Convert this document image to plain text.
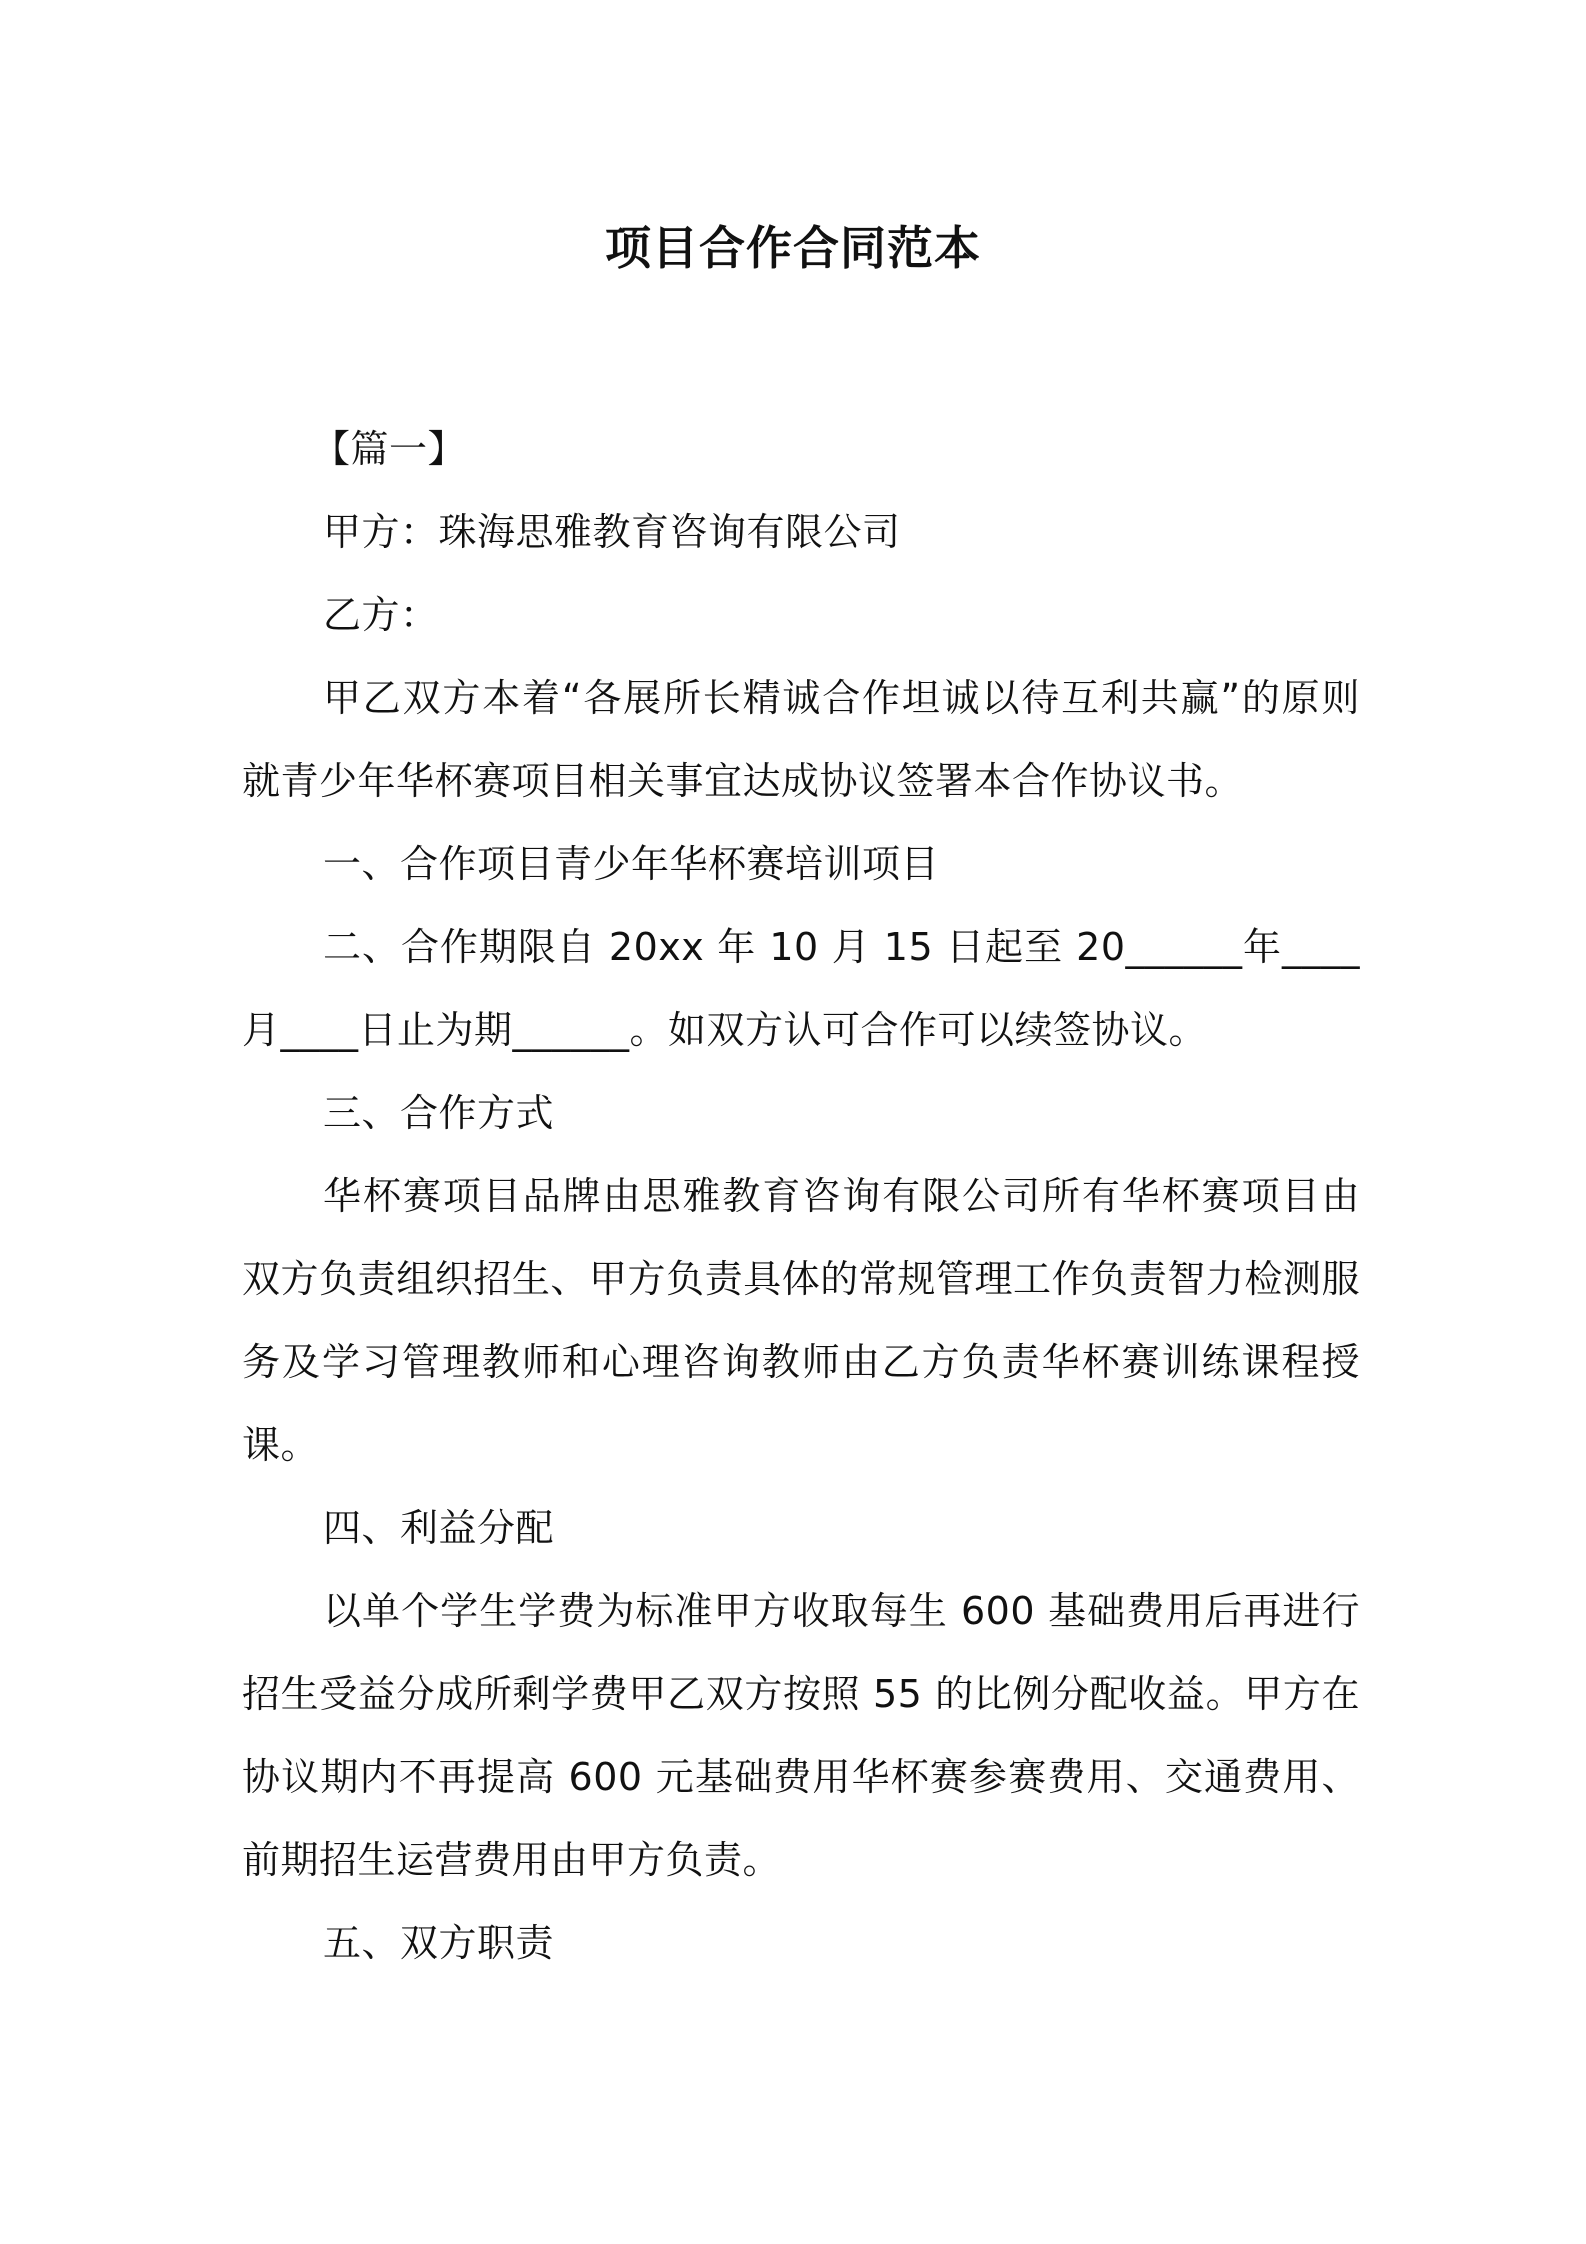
项目合作合同范本

【篇一】

甲方：珠海思雅教育咨询有限公司

乙方：

甲乙双方本着“各展所长精诚合作坦诚以待互利共赢”的原则就青少年华杯赛项目相关事宜达成协议签署本合作协议书。

一、合作项目青少年华杯赛培训项目

二、合作期限自 20xx 年 10 月 15 日起至 20______年____月____日止为期______。如双方认可合作可以续签协议。

三、合作方式

华杯赛项目品牌由思雅教育咨询有限公司所有华杯赛项目由双方负责组织招生、甲方负责具体的常规管理工作负责智力检测服务及学习管理教师和心理咨询教师由乙方负责华杯赛训练课程授课。

四、利益分配

以单个学生学费为标准甲方收取每生 600 基础费用后再进行招生受益分成所剩学费甲乙双方按照 55 的比例分配收益。甲方在协议期内不再提高 600 元基础费用华杯赛参赛费用、交通费用、前期招生运营费用由甲方负责。

五、双方职责
